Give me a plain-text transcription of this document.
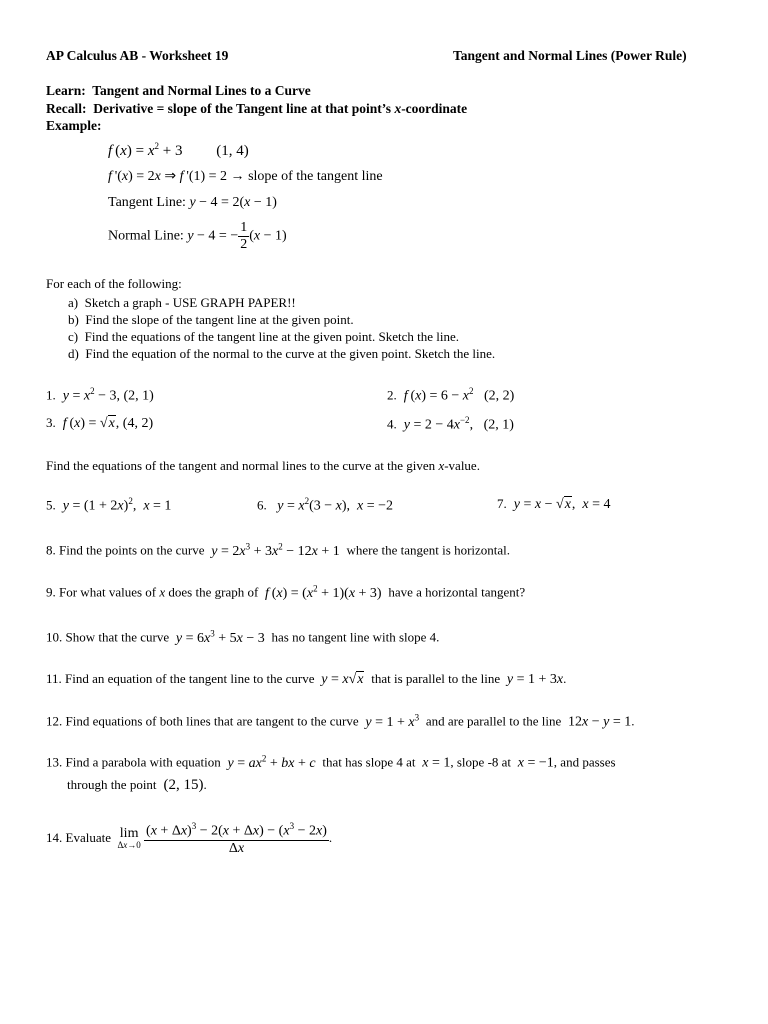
AP Calculus AB - Worksheet 19	Tangent and Normal Lines (Power Rule)
Learn: Tangent and Normal Lines to a Curve
Recall: Derivative = slope of the Tangent line at that point’s x-coordinate
Example:
f $(x) = x^2 + 3$ (1, 4)
f '(x) = 2x ⇒ f '(1) = 2 → slope of the tangent line
Tangent Line: y − 4 = 2(x − 1)
Normal Line: y − 4 = − $\frac{1}{2} (x - 1)$
For each of the following:
a) Sketch a graph - USE GRAPH PAPER!!
b) Find the slope of the tangent line at the given point.
c) Find the equations of the tangent line at the given point. Sketch the line.
d) Find the equation of the normal to the curve at the given point. Sketch the line.
1. $y = x^2 - 3$, (2, 1)	2. f $(x) = 6 - x^2$   (2, 2)
3. f (x) = √x, (4, 2)	4. $y = 2 - 4x^{-2}$,   (2, 1)
Find the equations of the tangent and normal lines to the curve at the given x-value.
5. $y = (1 + 2x)^2$,  x = 1	6. $y = x^2(3 - x)$,  x = −2	7. y = x − √x,  x = 4
8. Find the points on the curve $y = 2x^3 + 3x^2 - 12x + 1$  where the tangent is horizontal.
9. For what values of x does the graph of f $(x) = (x^2 + 1)(x + 3)$  have a horizontal tangent?
10. Show that the curve $y = 6x^3 + 5x - 3$  has no tangent line with slope 4.
11. Find an equation of the tangent line to the curve y = x√x that is parallel to the line y = 1 + 3x.
12. Find equations of both lines that are tangent to the curve $y = 1 + x^3$ and are parallel to the line  12x − y = 1.
13. Find a parabola with equation $y = ax^2$ + bx + c that has slope 4 at x = 1, slope -8 at x = −1, and passes
through the point  (2, 15).
14. Evaluate lim
Δx→0
$\frac{(x + \Delta x)^3 - 2(x + \Delta x) - (x^3 - 2x)}{\Delta x}$ .
